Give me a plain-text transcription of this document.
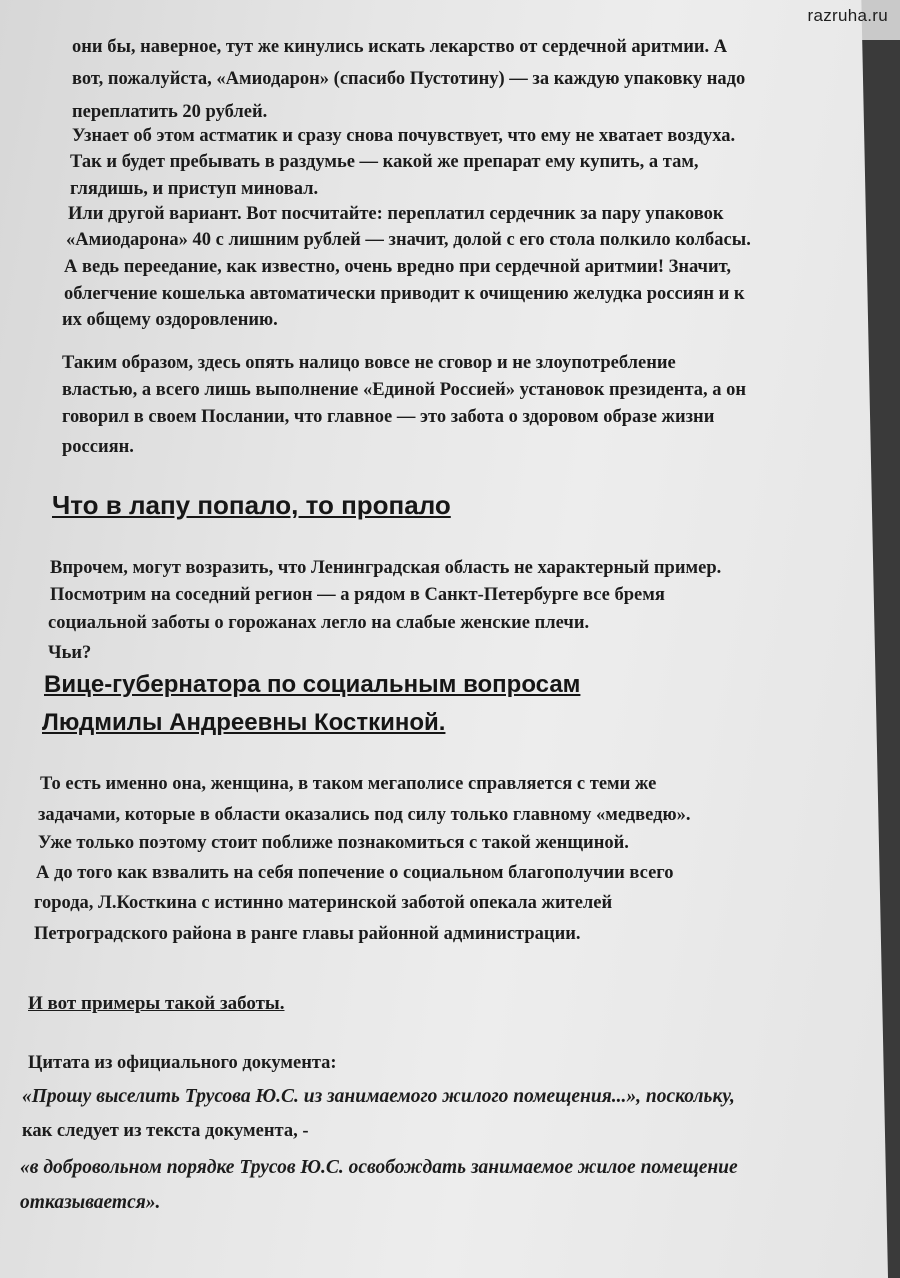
razruha.ru
они бы, наверное, тут же кинулись искать лекарство от сердечной аритмии. А
вот, пожалуйста, «Амиодарон» (спасибо Пустотину) — за каждую упаковку надо
переплатить 20 рублей.
Узнает об этом астматик и сразу снова почувствует, что ему не хватает воздуха.
Так и будет пребывать в раздумье — какой же препарат ему купить, а там,
глядишь, и приступ миновал.
Или другой вариант. Вот посчитайте: переплатил сердечник за пару упаковок
«Амиодарона» 40 с лишним рублей — значит, долой с его стола полкило колбасы.
А ведь переедание, как известно, очень вредно при сердечной аритмии! Значит,
облегчение кошелька автоматически приводит к очищению желудка россиян и к
их общему оздоровлению.
Таким образом, здесь опять налицо вовсе не сговор и не злоупотребление
властью, а всего лишь выполнение «Единой Россией» установок президента, а он
говорил в своем Послании, что главное — это забота о здоровом образе жизни
россиян.
Что в лапу попало, то пропало
Впрочем, могут возразить, что Ленинградская область не характерный пример.
Посмотрим на соседний регион — а рядом в Санкт-Петербурге все бремя
социальной заботы о горожанах легло на слабые женские плечи.
Чьи?
Вице-губернатора по социальным вопросам
Людмилы Андреевны Косткиной.
То есть именно она, женщина, в таком мегаполисе справляется с теми же
задачами, которые в области оказались под силу только главному «медведю».
Уже только поэтому стоит поближе познакомиться с такой женщиной.
А до того как взвалить на себя попечение о социальном благополучии всего
города, Л.Косткина с истинно материнской заботой опекала жителей
Петроградского района в ранге главы районной администрации.
И вот примеры такой заботы.
Цитата из официального документа:
«Прошу выселить Трусова Ю.С. из занимаемого жилого помещения...», поскольку,
как следует из текста документа, -
«в добровольном порядке Трусов Ю.С. освобождать занимаемое жилое помещение
отказывается».
